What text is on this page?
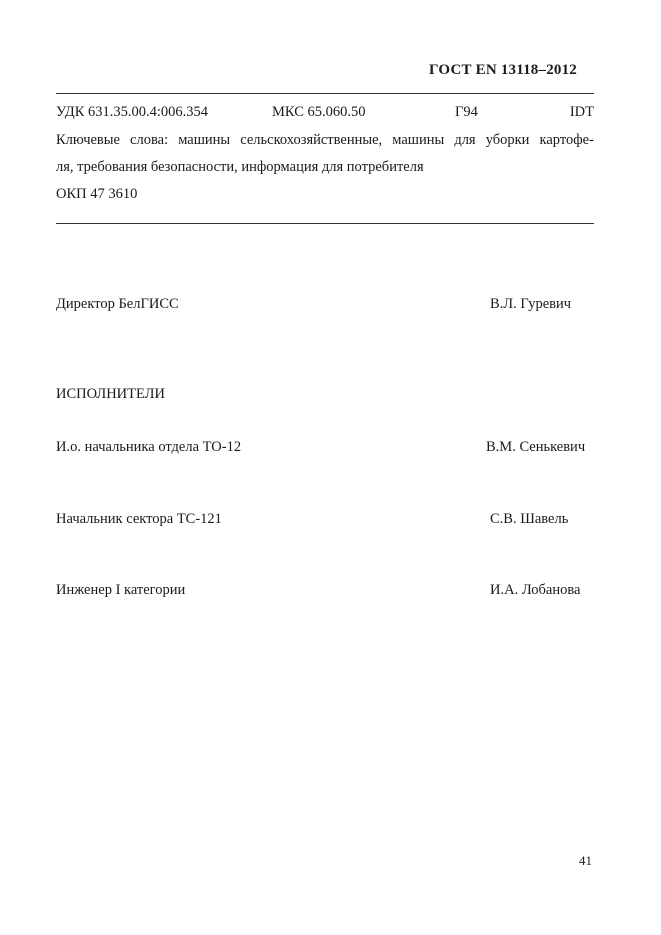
ГОСТ EN 13118–2012
УДК 631.35.00.4:006.354	МКС 65.060.50	Г94	IDT
Ключевые слова: машины сельскохозяйственные, машины для уборки картофе-
ля, требования безопасности, информация для потребителя
ОКП 47 3610
Директор БелГИСС	В.Л. Гуревич
ИСПОЛНИТЕЛИ
И.о. начальника отдела ТО-12	В.М. Сенькевич
Начальник сектора ТС-121	С.В. Шавель
Инженер I категории	И.А. Лобанова
41
